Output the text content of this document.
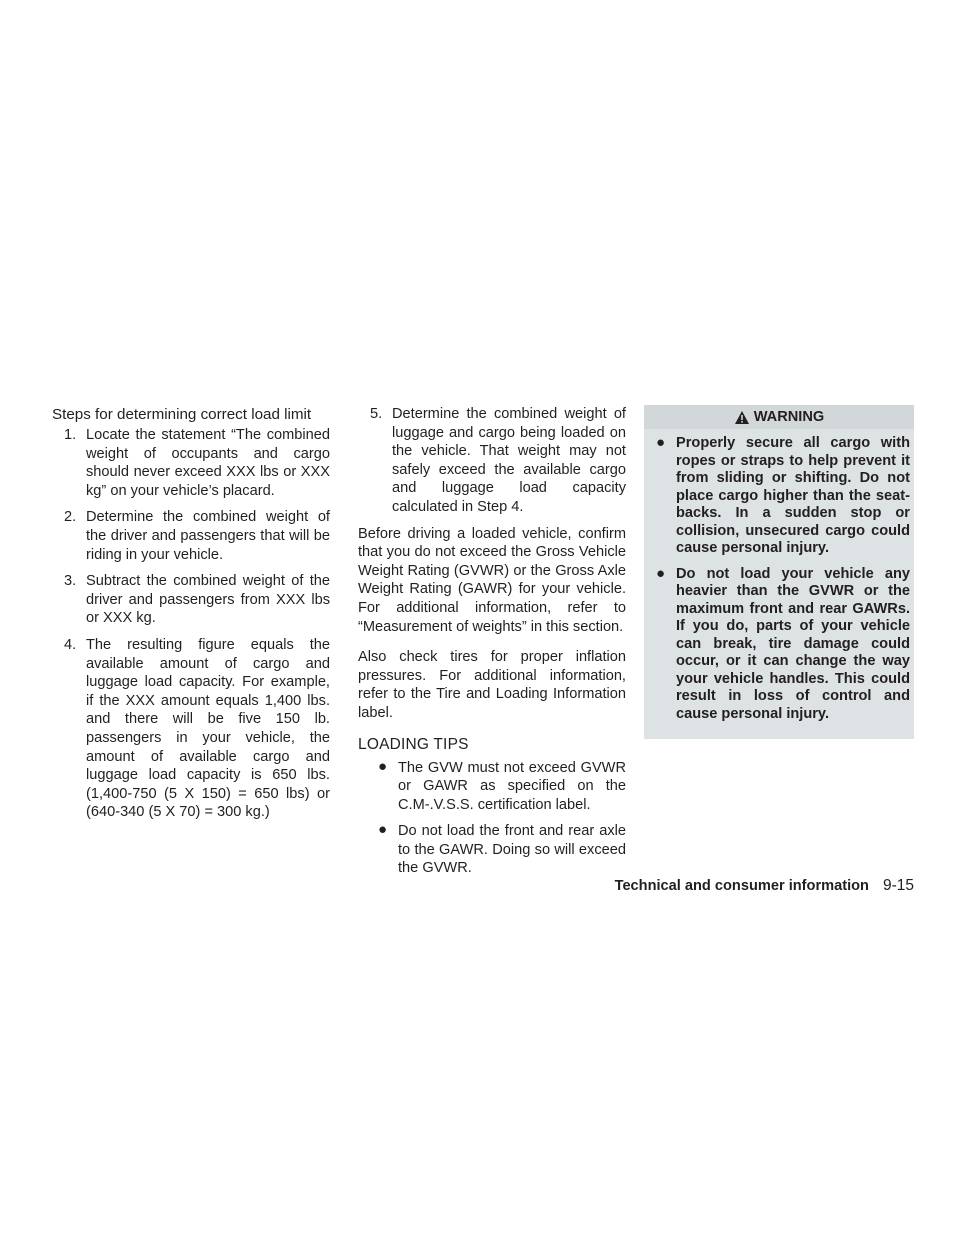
Steps for determining correct load limit
1. Locate the statement “The combined weight of occupants and cargo should never exceed XXX lbs or XXX kg” on your vehicle’s placard.
2. Determine the combined weight of the driver and passengers that will be riding in your vehicle.
3. Subtract the combined weight of the driver and passengers from XXX lbs or XXX kg.
4. The resulting figure equals the available amount of cargo and luggage load capacity. For example, if the XXX amount equals 1,400 lbs. and there will be five 150 lb. passengers in your vehicle, the amount of available cargo and luggage load capacity is 650 lbs. (1,400-750 (5 X 150) = 650 lbs) or (640-340 (5 X 70) = 300 kg.)
5. Determine the combined weight of luggage and cargo being loaded on the vehicle. That weight may not safely exceed the available cargo and luggage load capacity calculated in Step 4.

Before driving a loaded vehicle, confirm that you do not exceed the Gross Vehicle Weight Rating (GVWR) or the Gross Axle Weight Rating (GAWR) for your vehicle. For additional information, refer to “Measurement of weights” in this section.

Also check tires for proper inflation pressures. For additional information, refer to the Tire and Loading Information label.

LOADING TIPS
● The GVW must not exceed GVWR or GAWR as specified on the C.M-.V.S.S. certification label.
● Do not load the front and rear axle to the GAWR. Doing so will exceed the GVWR.
WARNING
● Properly secure all cargo with ropes or straps to help prevent it from sliding or shifting. Do not place cargo higher than the seat-backs. In a sudden stop or collision, unsecured cargo could cause personal injury.
● Do not load your vehicle any heavier than the GVWR or the maximum front and rear GAWRs. If you do, parts of your vehicle can break, tire damage could occur, or it can change the way your vehicle handles. This could result in loss of control and cause personal injury.
Technical and consumer information 9-15
